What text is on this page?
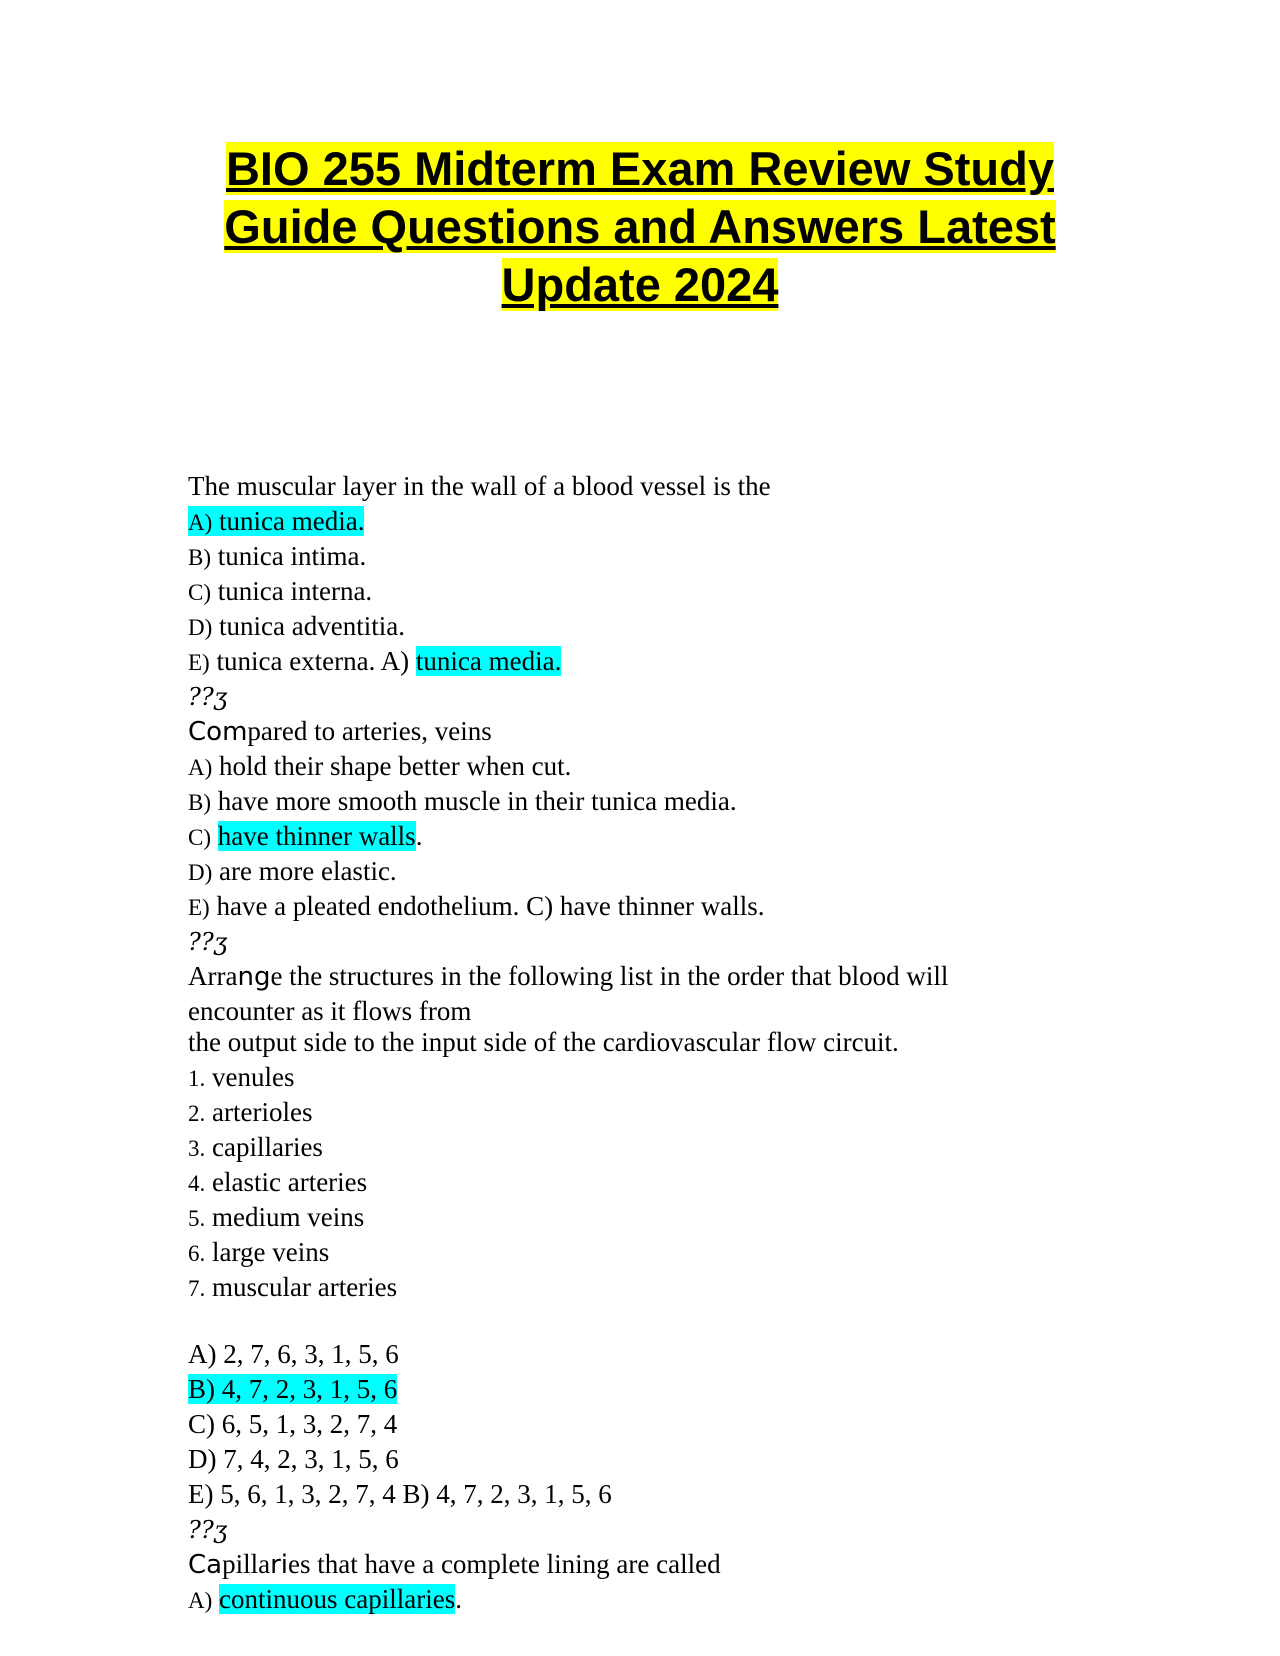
BIO 255 Midterm Exam Review Study
Guide Questions and Answers Latest
Update 2024
The muscular layer in the wall of a blood vessel is the
A) tunica media.
B) tunica intima.
C) tunica interna.
D) tunica adventitia.
E) tunica externa. A) tunica media.
??ʒ
Compared to arteries, veins
A) hold their shape better when cut.
B) have more smooth muscle in their tunica media.
C) have thinner walls.
D) are more elastic.
E) have a pleated endothelium. C) have thinner walls.
??ʒ
Arrange the structures in the following list in the order that blood will
encounter as it flows from
the output side to the input side of the cardiovascular flow circuit.
1. venules
2. arterioles
3. capillaries
4. elastic arteries
5. medium veins
6. large veins
7. muscular arteries
A) 2, 7, 6, 3, 1, 5, 6
B) 4, 7, 2, 3, 1, 5, 6
C) 6, 5, 1, 3, 2, 7, 4
D) 7, 4, 2, 3, 1, 5, 6
E) 5, 6, 1, 3, 2, 7, 4 B) 4, 7, 2, 3, 1, 5, 6
??ʒ
Capillaries that have a complete lining are called
A) continuous capillaries.
